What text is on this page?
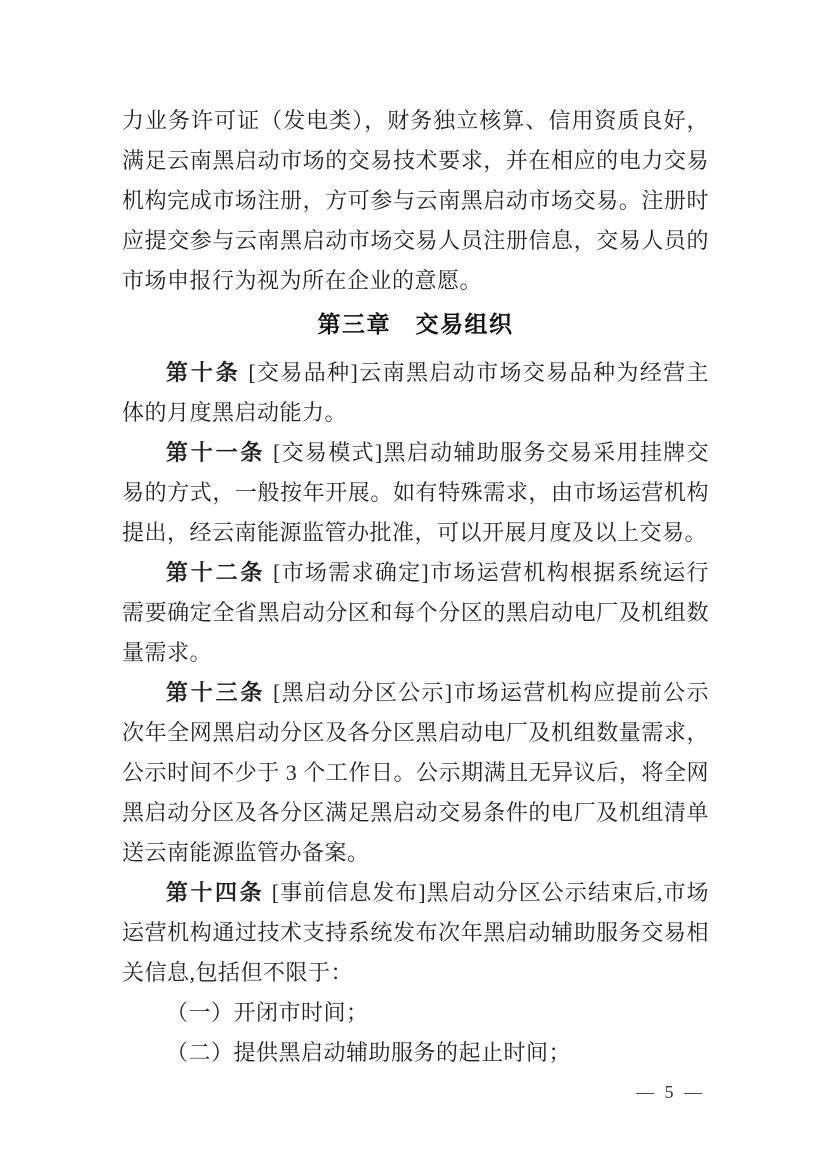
力业务许可证（发电类），财务独立核算、信用资质良好，满足云南黑启动市场的交易技术要求，并在相应的电力交易机构完成市场注册，方可参与云南黑启动市场交易。注册时应提交参与云南黑启动市场交易人员注册信息，交易人员的市场申报行为视为所在企业的意愿。

第三章　交易组织

第十条 [交易品种]云南黑启动市场交易品种为经营主体的月度黑启动能力。

第十一条 [交易模式]黑启动辅助服务交易采用挂牌交易的方式，一般按年开展。如有特殊需求，由市场运营机构提出，经云南能源监管办批准，可以开展月度及以上交易。

第十二条 [市场需求确定]市场运营机构根据系统运行需要确定全省黑启动分区和每个分区的黑启动电厂及机组数量需求。

第十三条 [黑启动分区公示]市场运营机构应提前公示次年全网黑启动分区及各分区黑启动电厂及机组数量需求，公示时间不少于 3 个工作日。公示期满且无异议后，将全网黑启动分区及各分区满足黑启动交易条件的电厂及机组清单送云南能源监管办备案。

第十四条 [事前信息发布]黑启动分区公示结束后,市场运营机构通过技术支持系统发布次年黑启动辅助服务交易相关信息,包括但不限于：

（一）开闭市时间；

（二）提供黑启动辅助服务的起止时间；

— 5 —
